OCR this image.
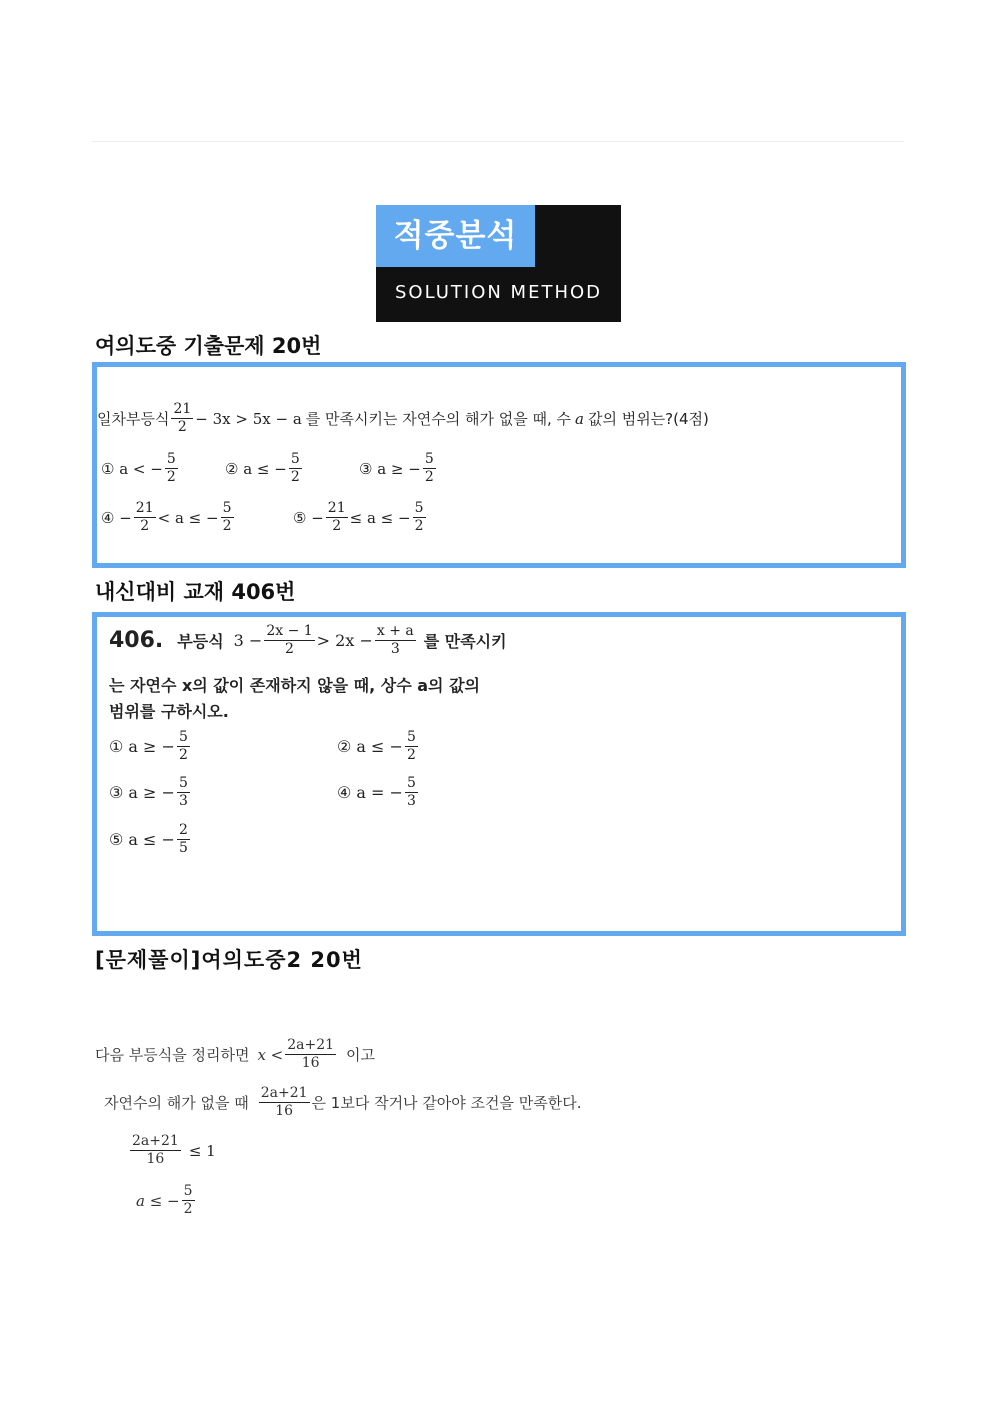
적중분석
SOLUTION METHOD
여의도중 기출문제 20번
일차부등식 $\frac{21}{2} - 3x > 5x - a$ 를 만족시키는 자연수의 해가 없을 때, 수 a 값의 범위는?(4점)
① a < − $\frac{5}{2}$	② a ≤ − $\frac{5}{2}$	③ a ≥ − $\frac{5}{2}$
④ − $\frac{21}{2} < a$ ≤ − $\frac{5}{2}$	⑤ − $\frac{21}{2} \le a$ ≤ − $\frac{5}{2}$
내신대비 교재 406번
406. 부등식 $3 - \frac{2x - 1}{2} > 2x - \frac{x + a}{3}$ 를 만족시키
는 자연수 x의 값이 존재하지 않을 때, 상수 a의 값의
범위를 구하시오.
① a ≥ − $\frac{5}{2}$	② a ≤ − $\frac{5}{2}$
③ a ≥ − $\frac{5}{3}$	④ a = − $\frac{5}{3}$
⑤ a ≤ − $\frac{2}{5}$
[문제풀이]여의도중2 20번
다음 부등식을 정리하면 $x < \frac{2a+21}{16}$ 이고
자연수의 해가 없을 때 $\frac{2a+21}{16}$ 은 1보다 작거나 같아야 조건을 만족한다.
$\frac{2a+21}{16} \le 1$
a ≤ − $\frac{5}{2}$
